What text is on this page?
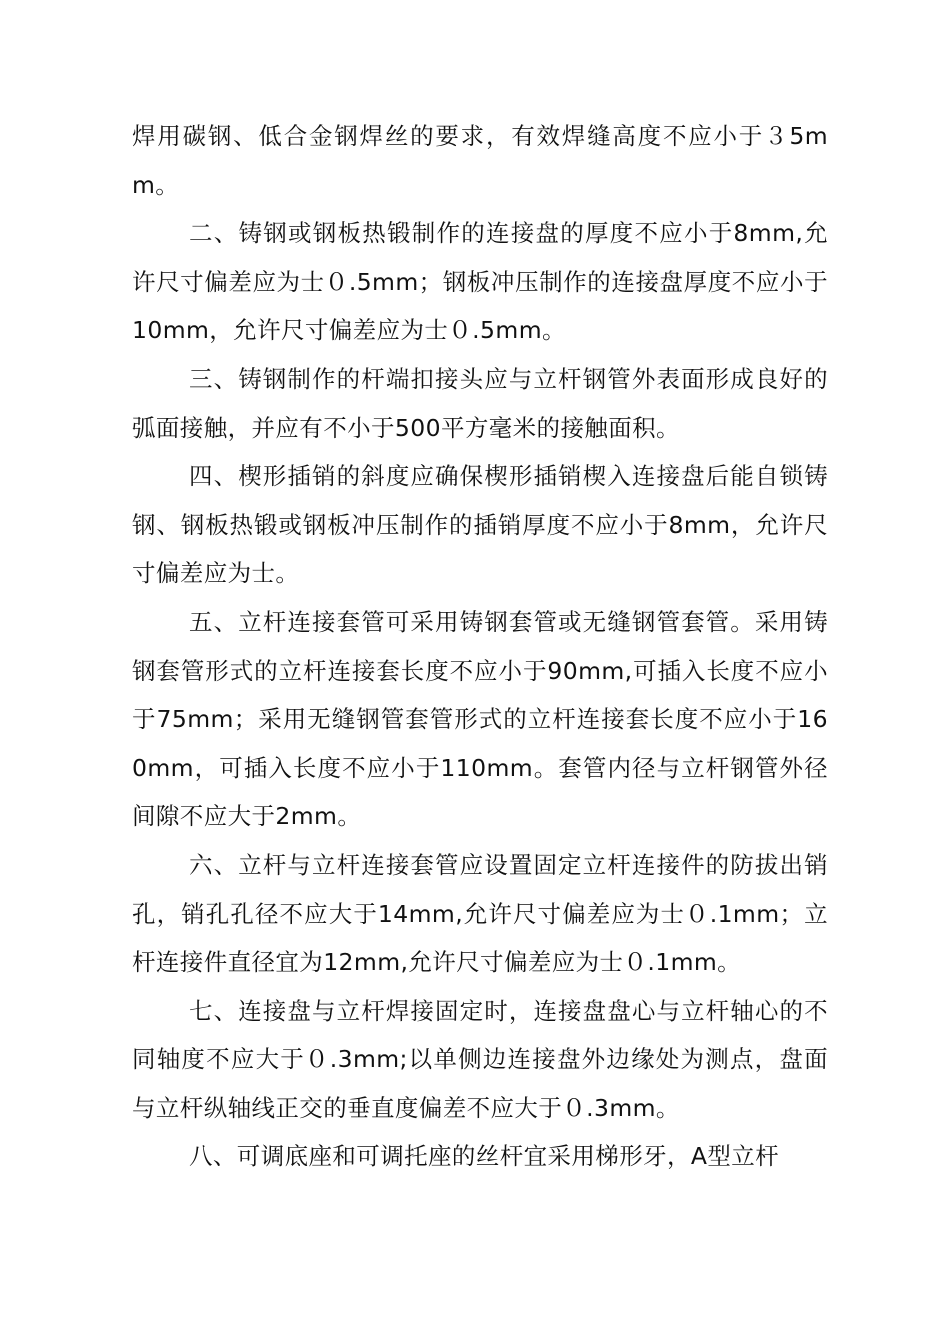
焊用碳钢、低合金钢焊丝的要求，有效焊缝高度不应小于３5mm。

二、铸钢或钢板热锻制作的连接盘的厚度不应小于8mm,允许尺寸偏差应为士０.5mm；钢板冲压制作的连接盘厚度不应小于10mm，允许尺寸偏差应为士０.5mm。

三、铸钢制作的杆端扣接头应与立杆钢管外表面形成良好的弧面接触，并应有不小于500平方毫米的接触面积。

四、楔形插销的斜度应确保楔形插销楔入连接盘后能自锁铸钢、钢板热锻或钢板冲压制作的插销厚度不应小于8mm，允许尺寸偏差应为士。

五、立杆连接套管可采用铸钢套管或无缝钢管套管。采用铸钢套管形式的立杆连接套长度不应小于90mm,可插入长度不应小于75mm；采用无缝钢管套管形式的立杆连接套长度不应小于160mm，可插入长度不应小于110mm。套管内径与立杆钢管外径间隙不应大于2mm。

六、立杆与立杆连接套管应设置固定立杆连接件的防拔出销孔，销孔孔径不应大于14mm,允许尺寸偏差应为士０.1mm；立杆连接件直径宜为12mm,允许尺寸偏差应为士０.1mm。

七、连接盘与立杆焊接固定时，连接盘盘心与立杆轴心的不同轴度不应大于０.3mm;以单侧边连接盘外边缘处为测点，盘面与立杆纵轴线正交的垂直度偏差不应大于０.3mm。

八、可调底座和可调托座的丝杆宜采用梯形牙，A型立杆
